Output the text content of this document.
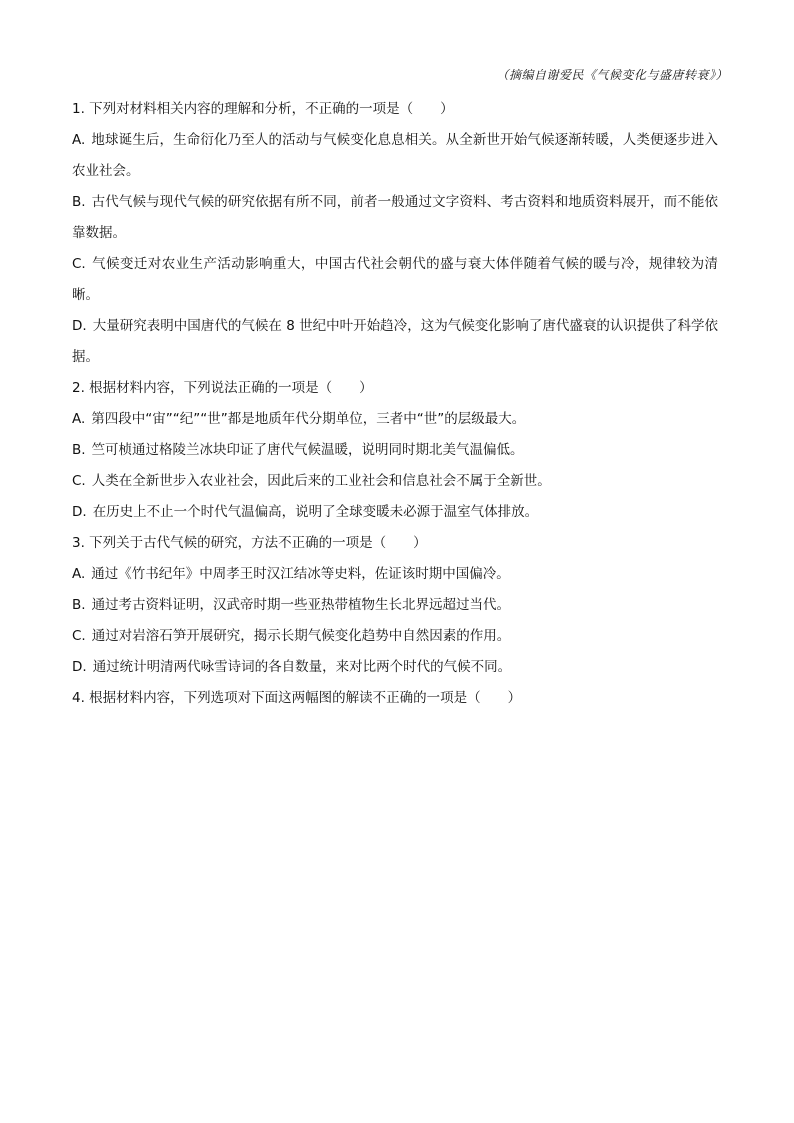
（摘编自谢爱民《气候变化与盛唐转衰》）

1. 下列对材料相关内容的理解和分析，不正确的一项是（　　）

A. 地球诞生后，生命衍化乃至人的活动与气候变化息息相关。从全新世开始气候逐渐转暖，人类便逐步进入农业社会。

B. 古代气候与现代气候的研究依据有所不同，前者一般通过文字资料、考古资料和地质资料展开，而不能依靠数据。

C. 气候变迁对农业生产活动影响重大，中国古代社会朝代的盛与衰大体伴随着气候的暖与冷，规律较为清晰。

D. 大量研究表明中国唐代的气候在 8 世纪中叶开始趋冷，这为气候变化影响了唐代盛衰的认识提供了科学依据。

2. 根据材料内容，下列说法正确的一项是（　　）

A. 第四段中“宙”“纪”“世”都是地质年代分期单位，三者中“世”的层级最大。

B. 竺可桢通过格陵兰冰块印证了唐代气候温暖，说明同时期北美气温偏低。

C. 人类在全新世步入农业社会，因此后来的工业社会和信息社会不属于全新世。

D. 在历史上不止一个时代气温偏高，说明了全球变暖未必源于温室气体排放。

3. 下列关于古代气候的研究，方法不正确的一项是（　　）

A. 通过《竹书纪年》中周孝王时汉江结冰等史料，佐证该时期中国偏冷。

B. 通过考古资料证明，汉武帝时期一些亚热带植物生长北界远超过当代。

C. 通过对岩溶石笋开展研究，揭示长期气候变化趋势中自然因素的作用。

D. 通过统计明清两代咏雪诗词的各自数量，来对比两个时代的气候不同。

4. 根据材料内容，下列选项对下面这两幅图的解读不正确的一项是（　　）
